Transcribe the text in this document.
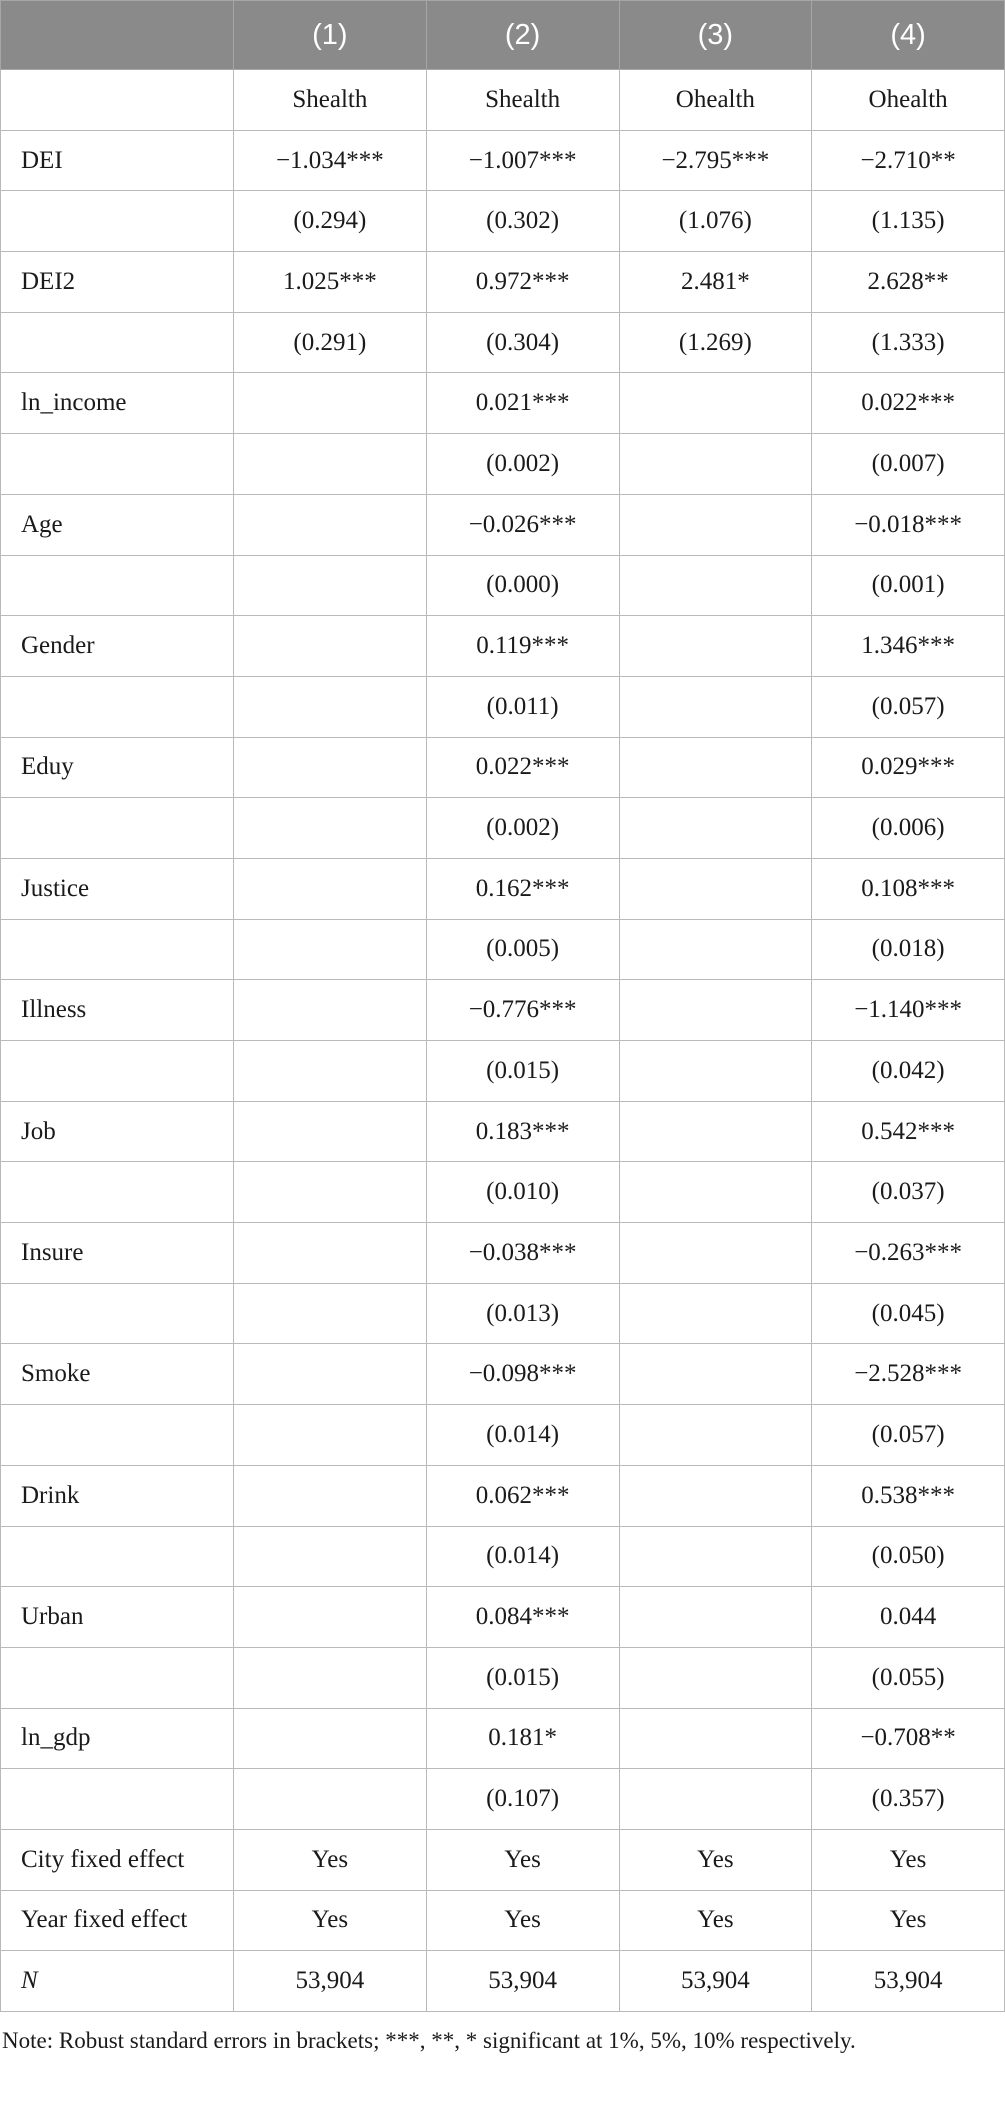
	(1)	(2)	(3)	(4)
	Shealth	Shealth	Ohealth	Ohealth
DEI	−1.034***	−1.007***	−2.795***	−2.710**
	(0.294)	(0.302)	(1.076)	(1.135)
DEI2	1.025***	0.972***	2.481*	2.628**
	(0.291)	(0.304)	(1.269)	(1.333)
ln_income		0.021***		0.022***
		(0.002)		(0.007)
Age		−0.026***		−0.018***
		(0.000)		(0.001)
Gender		0.119***		1.346***
		(0.011)		(0.057)
Eduy		0.022***		0.029***
		(0.002)		(0.006)
Justice		0.162***		0.108***
		(0.005)		(0.018)
Illness		−0.776***		−1.140***
		(0.015)		(0.042)
Job		0.183***		0.542***
		(0.010)		(0.037)
Insure		−0.038***		−0.263***
		(0.013)		(0.045)
Smoke		−0.098***		−2.528***
		(0.014)		(0.057)
Drink		0.062***		0.538***
		(0.014)		(0.050)
Urban		0.084***		0.044
		(0.015)		(0.055)
ln_gdp		0.181*		−0.708**
		(0.107)		(0.357)
City fixed effect	Yes	Yes	Yes	Yes
Year fixed effect	Yes	Yes	Yes	Yes
N	53,904	53,904	53,904	53,904
Note: Robust standard errors in brackets; ***, **, * significant at 1%, 5%, 10% respectively.
